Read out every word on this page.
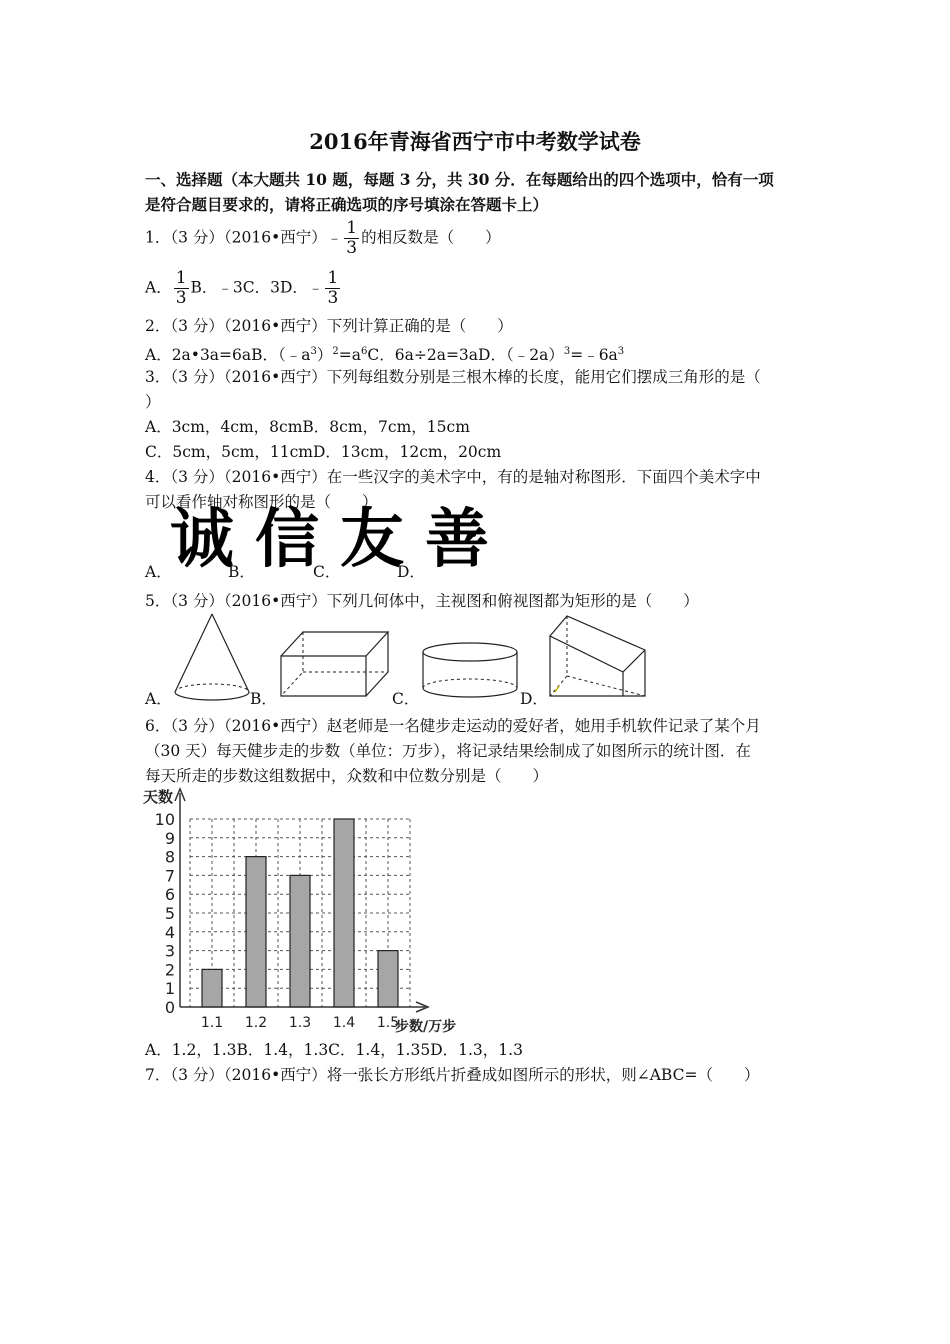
2016年青海省西宁市中考数学试卷
一、选择题（本大题共 10 题，每题 3 分，共 30 分．在每题给出的四个选项中，恰有一项
是符合题目要求的，请将正确选项的序号填涂在答题卡上）
1．（3 分）（2016•西宁）﹣ $\frac{1}{3}$ 的相反数是（　　）
A． $\frac{1}{3}$ B．﹣3C．3D．﹣ $\frac{1}{3}$
2．（3 分）（2016•西宁）下列计算正确的是（　　）
A．2a•3a=6aB．$(﹣a^3)^2=a^6C$．6a÷2a=3aD．$(﹣2a)^3=﹣6a^3$
3．（3 分）（2016•西宁）下列每组数分别是三根木棒的长度，能用它们摆成三角形的是（
）
A．3cm，4cm，8cmB．8cm，7cm，15cm
C．5cm，5cm，11cmD．13cm，12cm，20cm
4．（3 分）（2016•西宁）在一些汉字的美术字中，有的是轴对称图形．下面四个美术字中
可以看作轴对称图形的是（　　）
诚 信 友 善
A．	B．	C．	D．
5．（3 分）（2016•西宁）下列几何体中，主视图和俯视图都为矩形的是（　　）
A．	B．	C．	D．
6．（3 分）（2016•西宁）赵老师是一名健步走运动的爱好者，她用手机软件记录了某个月
（30 天）每天健步走的步数（单位：万步），将记录结果绘制成了如图所示的统计图．在
每天所走的步数这组数据中，众数和中位数分别是（　　）
0
1
2
3
4
5
6
7
8
9
10
1.1 1.2 1.3 1.4 1.5
天数
步数/万步
A．1.2，1.3B．1.4，1.3C．1.4，1.35D．1.3，1.3
7．（3 分）（2016•西宁）将一张长方形纸片折叠成如图所示的形状，则∠ABC=（　　）
